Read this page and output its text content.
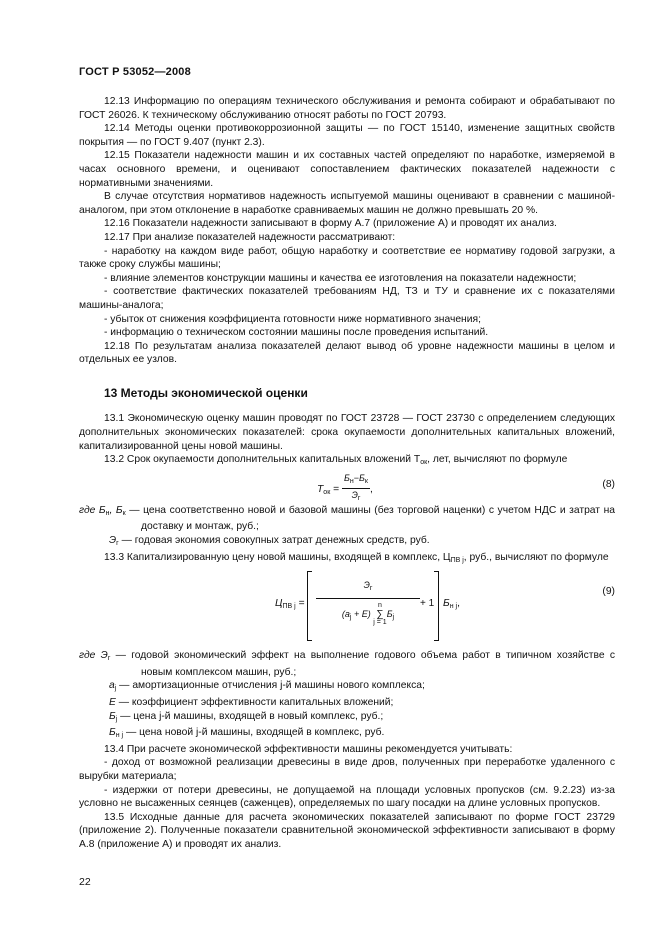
ГОСТ Р 53052—2008

12.13 Информацию по операциям технического обслуживания и ремонта собирают и обрабатывают по ГОСТ 26026. К техническому обслуживанию относят работы по ГОСТ 20793.

12.14 Методы оценки противокоррозионной защиты — по ГОСТ 15140, изменение защитных свойств покрытия — по ГОСТ 9.407 (пункт 2.3).

12.15 Показатели надежности машин и их составных частей определяют по наработке, измеряемой в часах основного времени, и оценивают сопоставлением фактических показателей надежности с нормативными значениями.

В случае отсутствия нормативов надежность испытуемой машины оценивают в сравнении с машиной-аналогом, при этом отклонение в наработке сравниваемых машин не должно превышать 20 %.

12.16 Показатели надежности записывают в форму А.7 (приложение А) и проводят их анализ.

12.17 При анализе показателей надежности рассматривают:

- наработку на каждом виде работ, общую наработку и соответствие ее нормативу годовой загрузки, а также сроку службы машины;

- влияние элементов конструкции машины и качества ее изготовления на показатели надежности;

- соответствие фактических показателей требованиям НД, ТЗ и ТУ и сравнение их с показателями машины-аналога;

- убыток от снижения коэффициента готовности ниже нормативного значения;

- информацию о техническом состоянии машины после проведения испытаний.

12.18 По результатам анализа показателей делают вывод об уровне надежности машины в целом и отдельных ее узлов.

13 Методы экономической оценки

13.1 Экономическую оценку машин проводят по ГОСТ 23728 — ГОСТ 23730 с определением следующих дополнительных экономических показателей: срока окупаемости дополнительных капитальных вложений, капитализированной цены новой машины.

13.2 Срок окупаемости дополнительных капитальных вложений $T_{ок}$, лет, вычисляют по формуле

$T_{ок} = \frac{Б_н-Б_к}{Э_г}$ ,	(8)

где $Б_н$, $Б_к$ — цена соответственно новой и базовой машины (без торговой наценки) с учетом НДС и затрат на доставку и монтаж, руб.;

$Э_г$ — годовая экономия совокупных затрат денежных средств, руб.

13.3 Капитализированную цену новой машины, входящей в комплекс, $Ц_{ПВ j}$, руб., вычисляют по формуле

$Ц_{ПВ j}$ =
$Э_г$
$(a_j + E)$
n
∑
j = 1
$Б_j$
+ 1 $Б_{н j}$,
(9)

где $Э_г$ — годовой экономический эффект на выполнение годового объема работ в типичном хозяйстве с новым комплексом машин, руб.;

$a_j$ — амортизационные отчисления j-й машины нового комплекса;

E — коэффициент эффективности капитальных вложений;

$Б_j$ — цена j-й машины, входящей в новый комплекс, руб.;

$Б_{н j}$ — цена новой j-й машины, входящей в комплекс, руб.

13.4 При расчете экономической эффективности машины рекомендуется учитывать:

- доход от возможной реализации древесины в виде дров, полученных при переработке удаленного с вырубки материала;

- издержки от потери древесины, не допущаемой на площади условных пропусков (см. 9.2.23) из-за условно не высаженных сеянцев (саженцев), определяемых по шагу посадки на длине условных пропусков.

13.5 Исходные данные для расчета экономических показателей записывают по форме ГОСТ 23729 (приложение 2). Полученные показатели сравнительной экономической эффективности записывают в форму А.8 (приложение А) и проводят их анализ.

22
